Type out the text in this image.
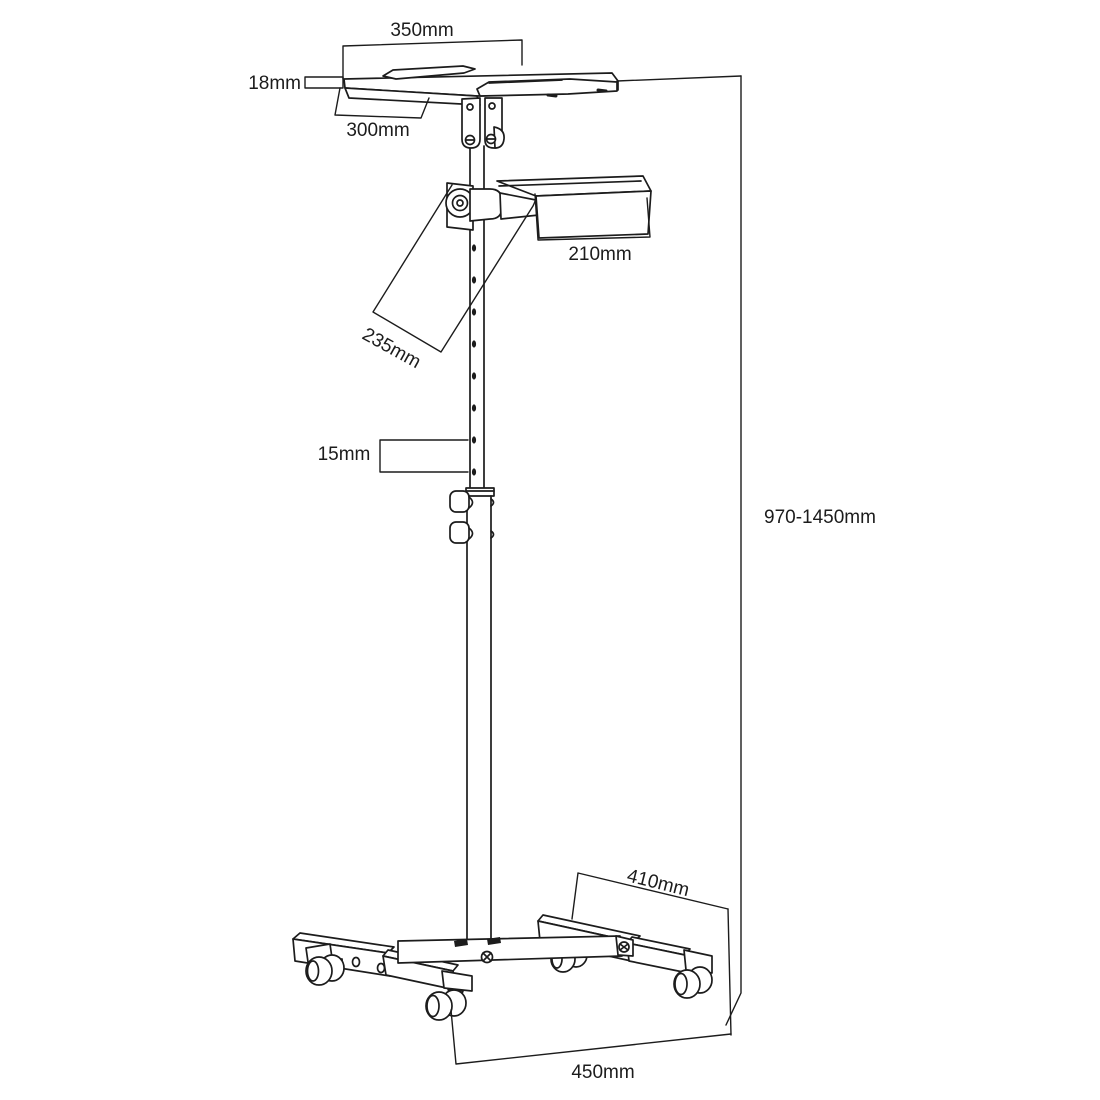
350mm
18mm
300mm
210mm
235mm
15mm
970-1450mm
410mm
450mm
